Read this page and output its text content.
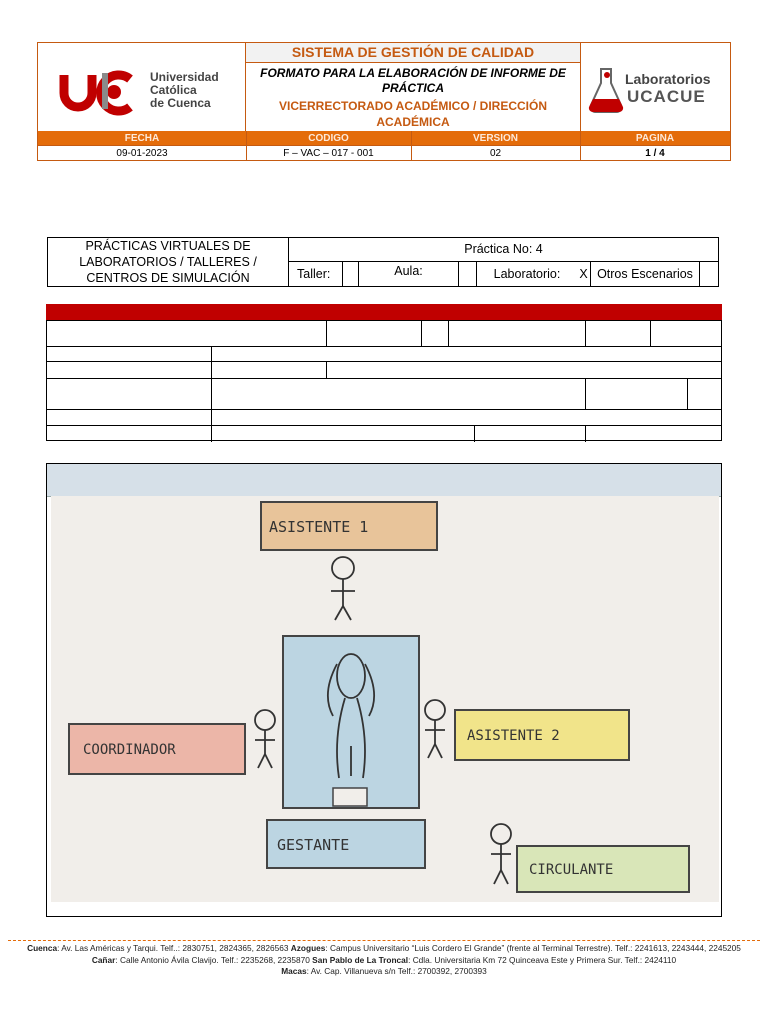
Universidad
Católica
de Cuenca
SISTEMA DE GESTIÓN DE CALIDAD
FORMATO PARA LA ELABORACIÓN DE INFORME DE PRÁCTICA
VICERRECTORADO ACADÉMICO / DIRECCIÓN ACADÉMICA
Laboratorios
UCACUE
FECHA	CODIGO	VERSION	PAGINA
09-01-2023	F – VAC – 017 - 001	02	1 / 4
PRÁCTICAS VIRTUALES DE LABORATORIOS / TALLERES / CENTROS DE SIMULACIÓN
Práctica No: 4
Taller:	Aula:	Laboratorio:	X Otros Escenarios
ASISTENTE 1
COORDINADOR
ASISTENTE 2
GESTANTE
CIRCULANTE
Cuenca: Av. Las Américas y Tarqui. Telf..: 2830751, 2824365, 2826563 Azogues: Campus Universitario “Luis Cordero El Grande” (frente al Terminal Terrestre). Telf.: 2241613, 2243444, 2245205 Cañar: Calle Antonio Ávila Clavijo. Telf.: 2235268, 2235870 San Pablo de La Troncal: Cdla. Universitaria Km 72 Quinceava Este y Primera Sur. Telf.: 2424110
Macas: Av. Cap. Villanueva s/n Telf.: 2700392, 2700393
